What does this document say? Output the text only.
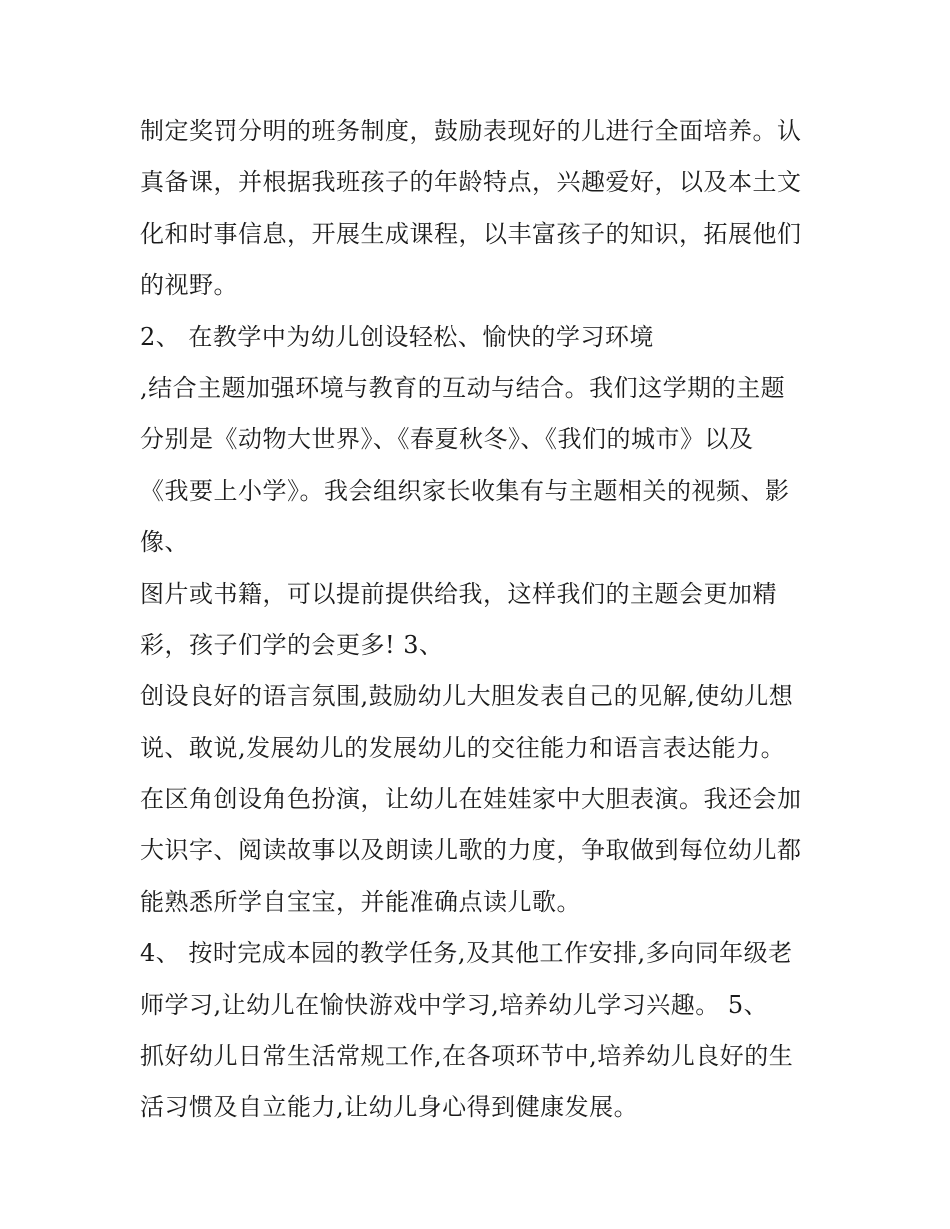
制定奖罚分明的班务制度，鼓励表现好的儿进行全面培养。认
真备课，并根据我班孩子的年龄特点，兴趣爱好，以及本土文
化和时事信息，开展生成课程，以丰富孩子的知识，拓展他们
的视野。
2、 在教学中为幼儿创设轻松、愉快的学习环境
,结合主题加强环境与教育的互动与结合。我们这学期的主题
分别是《动物大世界》、《春夏秋冬》、《我们的城市》以及
《我要上小学》。我会组织家长收集有与主题相关的视频、影
像、
图片或书籍，可以提前提供给我，这样我们的主题会更加精
彩，孩子们学的会更多! 3、
创设良好的语言氛围,鼓励幼儿大胆发表自己的见解,使幼儿想
说、敢说,发展幼儿的发展幼儿的交往能力和语言表达能力。
在区角创设角色扮演，让幼儿在娃娃家中大胆表演。我还会加
大识字、阅读故事以及朗读儿歌的力度，争取做到每位幼儿都
能熟悉所学自宝宝，并能准确点读儿歌。
4、 按时完成本园的教学任务,及其他工作安排,多向同年级老
师学习,让幼儿在愉快游戏中学习,培养幼儿学习兴趣。 5、
抓好幼儿日常生活常规工作,在各项环节中,培养幼儿良好的生
活习惯及自立能力,让幼儿身心得到健康发展。
